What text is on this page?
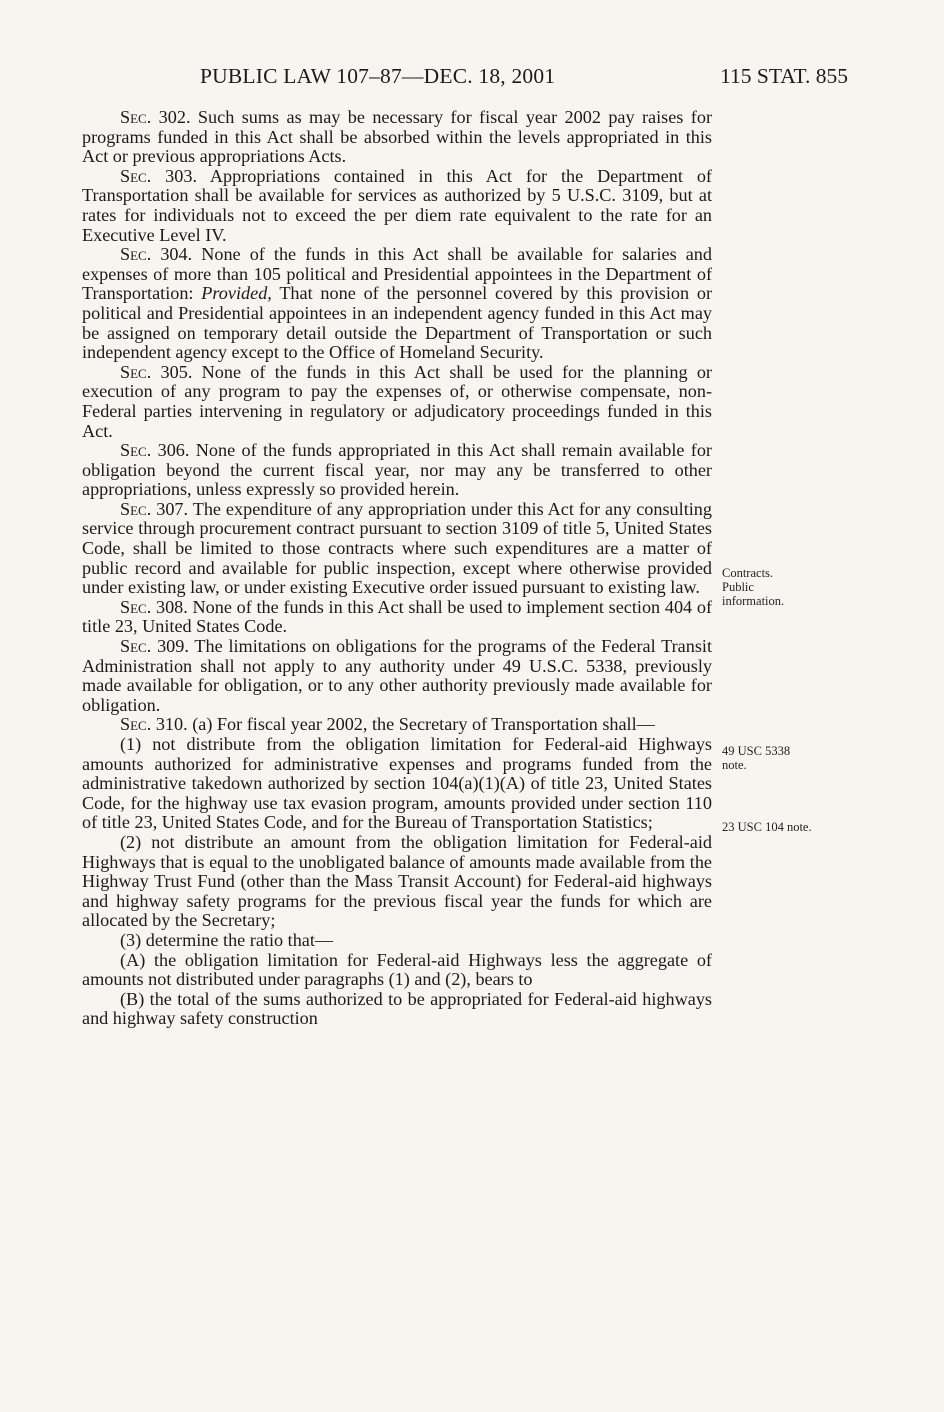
PUBLIC LAW 107–87—DEC. 18, 2001	115 STAT. 855

Sec. 302. Such sums as may be necessary for fiscal year 2002 pay raises for programs funded in this Act shall be absorbed within the levels appropriated in this Act or previous appropriations Acts.

Sec. 303. Appropriations contained in this Act for the Department of Transportation shall be available for services as authorized by 5 U.S.C. 3109, but at rates for individuals not to exceed the per diem rate equivalent to the rate for an Executive Level IV.

Sec. 304. None of the funds in this Act shall be available for salaries and expenses of more than 105 political and Presidential appointees in the Department of Transportation: Provided, That none of the personnel covered by this provision or political and Presidential appointees in an independent agency funded in this Act may be assigned on temporary detail outside the Department of Transportation or such independent agency except to the Office of Homeland Security.

Sec. 305. None of the funds in this Act shall be used for the planning or execution of any program to pay the expenses of, or otherwise compensate, non-Federal parties intervening in regulatory or adjudicatory proceedings funded in this Act.

Sec. 306. None of the funds appropriated in this Act shall remain available for obligation beyond the current fiscal year, nor may any be transferred to other appropriations, unless expressly so provided herein.

Sec. 307. The expenditure of any appropriation under this Act for any consulting service through procurement contract pursuant to section 3109 of title 5, United States Code, shall be limited to those contracts where such expenditures are a matter of public record and available for public inspection, except where otherwise provided under existing law, or under existing Executive order issued pursuant to existing law.

Sec. 308. None of the funds in this Act shall be used to implement section 404 of title 23, United States Code.

Sec. 309. The limitations on obligations for the programs of the Federal Transit Administration shall not apply to any authority under 49 U.S.C. 5338, previously made available for obligation, or to any other authority previously made available for obligation.

Sec. 310. (a) For fiscal year 2002, the Secretary of Transportation shall—

(1) not distribute from the obligation limitation for Federal-aid Highways amounts authorized for administrative expenses and programs funded from the administrative takedown authorized by section 104(a)(1)(A) of title 23, United States Code, for the highway use tax evasion program, amounts provided under section 110 of title 23, United States Code, and for the Bureau of Transportation Statistics;

(2) not distribute an amount from the obligation limitation for Federal-aid Highways that is equal to the unobligated balance of amounts made available from the Highway Trust Fund (other than the Mass Transit Account) for Federal-aid highways and highway safety programs for the previous fiscal year the funds for which are allocated by the Secretary;

(3) determine the ratio that—

(A) the obligation limitation for Federal-aid Highways less the aggregate of amounts not distributed under paragraphs (1) and (2), bears to

(B) the total of the sums authorized to be appropriated for Federal-aid highways and highway safety construction

Contracts.
Public information.
49 USC 5338 note.
23 USC 104 note.
